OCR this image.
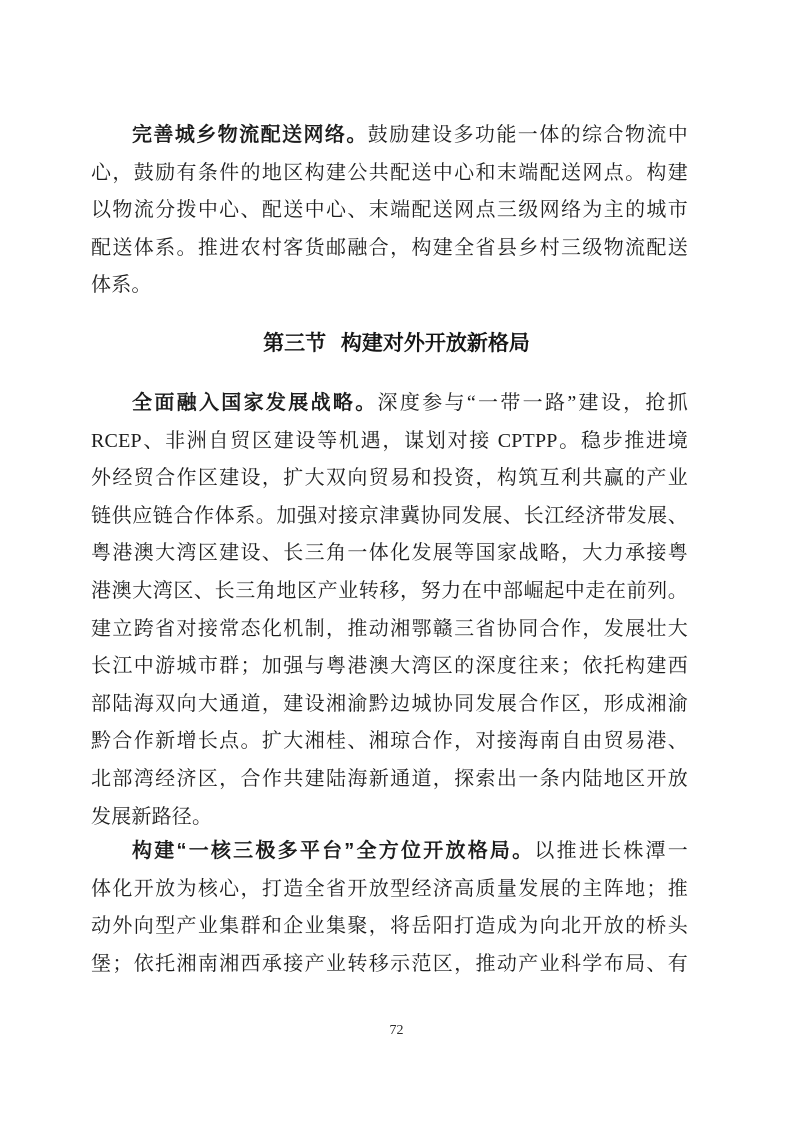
完善城乡物流配送网络。鼓励建设多功能一体的综合物流中
心，鼓励有条件的地区构建公共配送中心和末端配送网点。构建
以物流分拨中心、配送中心、末端配送网点三级网络为主的城市
配送体系。推进农村客货邮融合，构建全省县乡村三级物流配送
体系。
第三节 构建对外开放新格局
全面融入国家发展战略。深度参与“一带一路”建设，抢抓
RCEP、非洲自贸区建设等机遇，谋划对接 CPTPP。稳步推进境
外经贸合作区建设，扩大双向贸易和投资，构筑互利共赢的产业
链供应链合作体系。加强对接京津冀协同发展、长江经济带发展、
粤港澳大湾区建设、长三角一体化发展等国家战略，大力承接粤
港澳大湾区、长三角地区产业转移，努力在中部崛起中走在前列。
建立跨省对接常态化机制，推动湘鄂赣三省协同合作，发展壮大
长江中游城市群；加强与粤港澳大湾区的深度往来；依托构建西
部陆海双向大通道，建设湘渝黔边城协同发展合作区，形成湘渝
黔合作新增长点。扩大湘桂、湘琼合作，对接海南自由贸易港、
北部湾经济区，合作共建陆海新通道，探索出一条内陆地区开放
发展新路径。
构建“一核三极多平台”全方位开放格局。以推进长株潭一
体化开放为核心，打造全省开放型经济高质量发展的主阵地；推
动外向型产业集群和企业集聚，将岳阳打造成为向北开放的桥头
堡；依托湘南湘西承接产业转移示范区，推动产业科学布局、有
72
